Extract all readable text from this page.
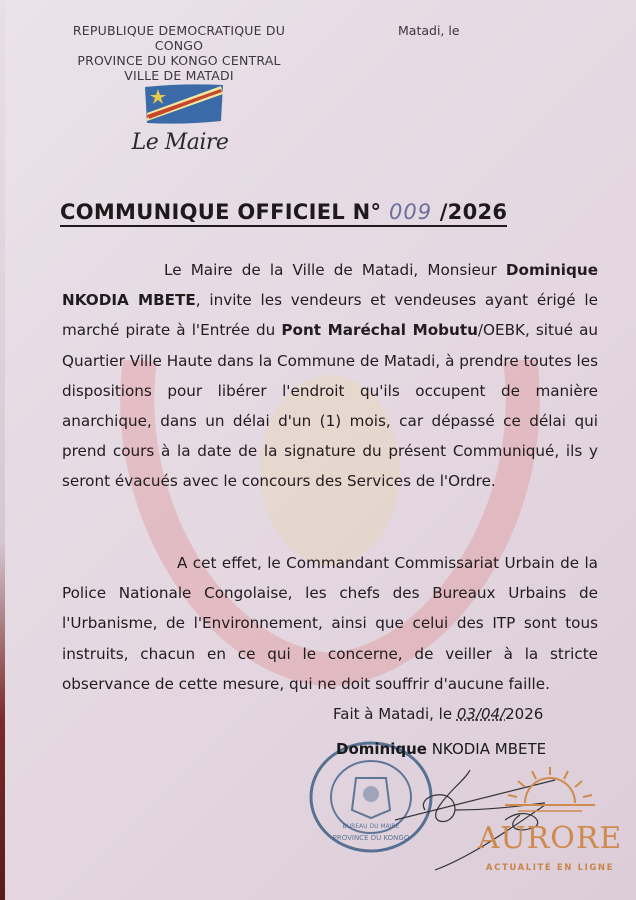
REPUBLIQUE DEMOCRATIQUE DU CONGO
PROVINCE DU KONGO CENTRAL
VILLE DE MATADI
Matadi, le
Le Maire
COMMUNIQUE OFFICIEL N° 009 /2026
Le Maire de la Ville de Matadi, Monsieur Dominique NKODIA MBETE, invite les vendeurs et vendeuses ayant érigé le marché pirate à l'Entrée du Pont Maréchal Mobutu/OEBK, situé au Quartier Ville Haute dans la Commune de Matadi, à prendre toutes les dispositions pour libérer l'endroit qu'ils occupent de manière anarchique, dans un délai d'un (1) mois, car dépassé ce délai qui prend cours à la date de la signature du présent Communiqué, ils y seront évacués avec le concours des Services de l'Ordre.
A cet effet, le Commandant Commissariat Urbain de la Police Nationale Congolaise, les chefs des Bureaux Urbains de l'Urbanisme, de l'Environnement, ainsi que celui des ITP sont tous instruits, chacun en ce qui le concerne, de veiller à la stricte observance de cette mesure, qui ne doit souffrir d'aucune faille.
Fait à Matadi, le 03/04/2026
PROVINCE DU KONGO
BUREAU DU MAIRE
Dominique NKODIA MBETE
AURORE
ACTUALITÉ EN LIGNE
